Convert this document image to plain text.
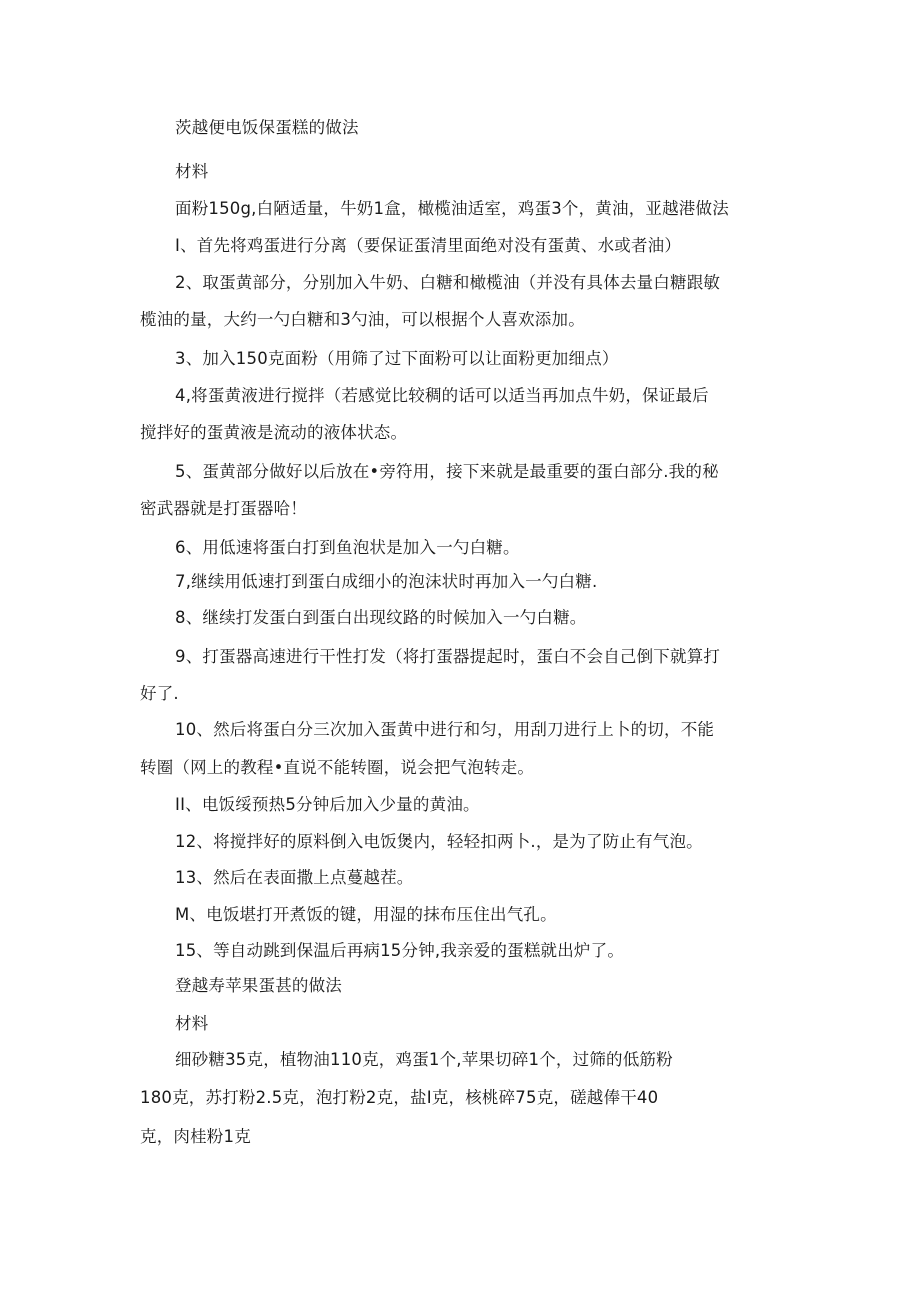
茨越便电饭保蛋糕的做法
材料
面粉150g,白陋适量，牛奶1盒，橄榄油适室，鸡蛋3个，黄油，亚越港做法
I、首先将鸡蛋进行分离（要保证蛋清里面绝对没有蛋黄、水或者油）
2、取蛋黄部分，分别加入牛奶、白糖和橄榄油（并没有具体去量白糖跟敏
榄油的量，大约一勺白糖和3勺油，可以根据个人喜欢添加。
3、加入150克面粉（用筛了过下面粉可以让面粉更加细点）
4,将蛋黄液进行搅拌（若感觉比较稠的话可以适当再加点牛奶，保证最后
搅拌好的蛋黄液是流动的液体状态。
5、蛋黄部分做好以后放在•旁符用，接下来就是最重要的蛋白部分.我的秘
密武器就是打蛋器哈！
6、用低速将蛋白打到鱼泡状是加入一勺白糖。
7,继续用低速打到蛋白成细小的泡沫状时再加入一勺白糖.
8、继续打发蛋白到蛋白出现纹路的时候加入一勺白糖。
9、打蛋器高速进行干性打发（将打蛋器提起时，蛋白不会自己倒下就算打
好了.
10、然后将蛋白分三次加入蛋黄中进行和匀，用刮刀进行上卜的切，不能
转圈（网上的教程•直说不能转圈，说会把气泡转走。
II、电饭绥预热5分钟后加入少量的黄油。
12、将搅拌好的原料倒入电饭煲内，轻轻扣两卜.，是为了防止有气泡。
13、然后在表面撒上点蔓越茬。
M、电饭堪打开煮饭的键，用湿的抹布压住出气孔。
15、等自动跳到保温后再病15分钟,我亲爱的蛋糕就出炉了。
登越寿苹果蛋甚的做法
材料
细砂糖35克，植物油110克，鸡蛋1个,苹果切碎1个，过筛的低筋粉
180克，苏打粉2.5克，泡打粉2克，盐I克，核桃碎75克，磋越俸干40
克，肉桂粉1克
